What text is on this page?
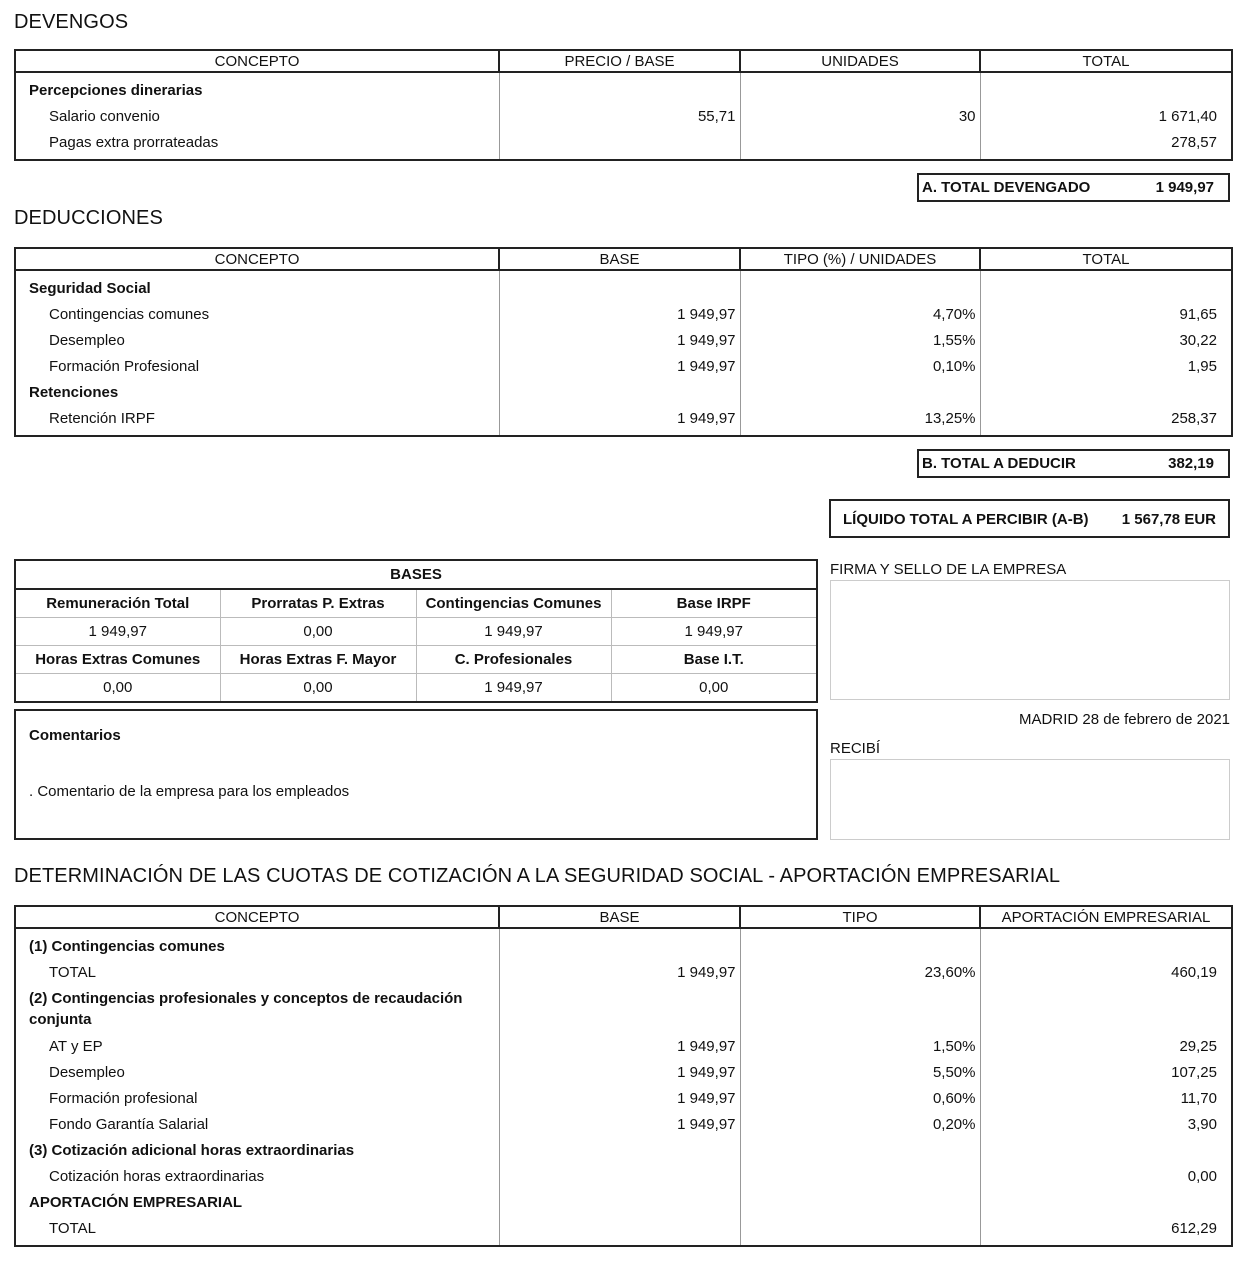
DEVENGOS
CONCEPTO	PRECIO / BASE	UNIDADES	TOTAL
Percepciones dinerarias			
Salario convenio	55,71	30	1 671,40
Pagas extra prorrateadas			278,57
A. TOTAL DEVENGADO	1 949,97
DEDUCCIONES
CONCEPTO	BASE	TIPO (%) / UNIDADES	TOTAL
Seguridad Social			
Contingencias comunes	1 949,97	4,70%	91,65
Desempleo	1 949,97	1,55%	30,22
Formación Profesional	1 949,97	0,10%	1,95
Retenciones			
Retención IRPF	1 949,97	13,25%	258,37
B. TOTAL A DEDUCIR	382,19
LÍQUIDO TOTAL A PERCIBIR (A-B) 1 567,78 EUR
BASES			
Remuneración Total	Prorratas P. Extras	Contingencias Comunes	Base IRPF
1 949,97	0,00	1 949,97	1 949,97
Horas Extras Comunes	Horas Extras F. Mayor	C. Profesionales	Base I.T.
0,00	0,00	1 949,97	0,00
FIRMA Y SELLO DE LA EMPRESA
MADRID 28 de febrero de 2021
RECIBÍ
Comentarios
. Comentario de la empresa para los empleados
DETERMINACIÓN DE LAS CUOTAS DE COTIZACIÓN A LA SEGURIDAD SOCIAL - APORTACIÓN EMPRESARIAL
CONCEPTO	BASE	TIPO	APORTACIÓN EMPRESARIAL
(1) Contingencias comunes			
TOTAL	1 949,97	23,60%	460,19
(2) Contingencias profesionales y conceptos de recaudación conjunta			
AT y EP	1 949,97	1,50%	29,25
Desempleo	1 949,97	5,50%	107,25
Formación profesional	1 949,97	0,60%	11,70
Fondo Garantía Salarial	1 949,97	0,20%	3,90
(3) Cotización adicional horas extraordinarias			
Cotización horas extraordinarias			0,00
APORTACIÓN EMPRESARIAL			
TOTAL			612,29
